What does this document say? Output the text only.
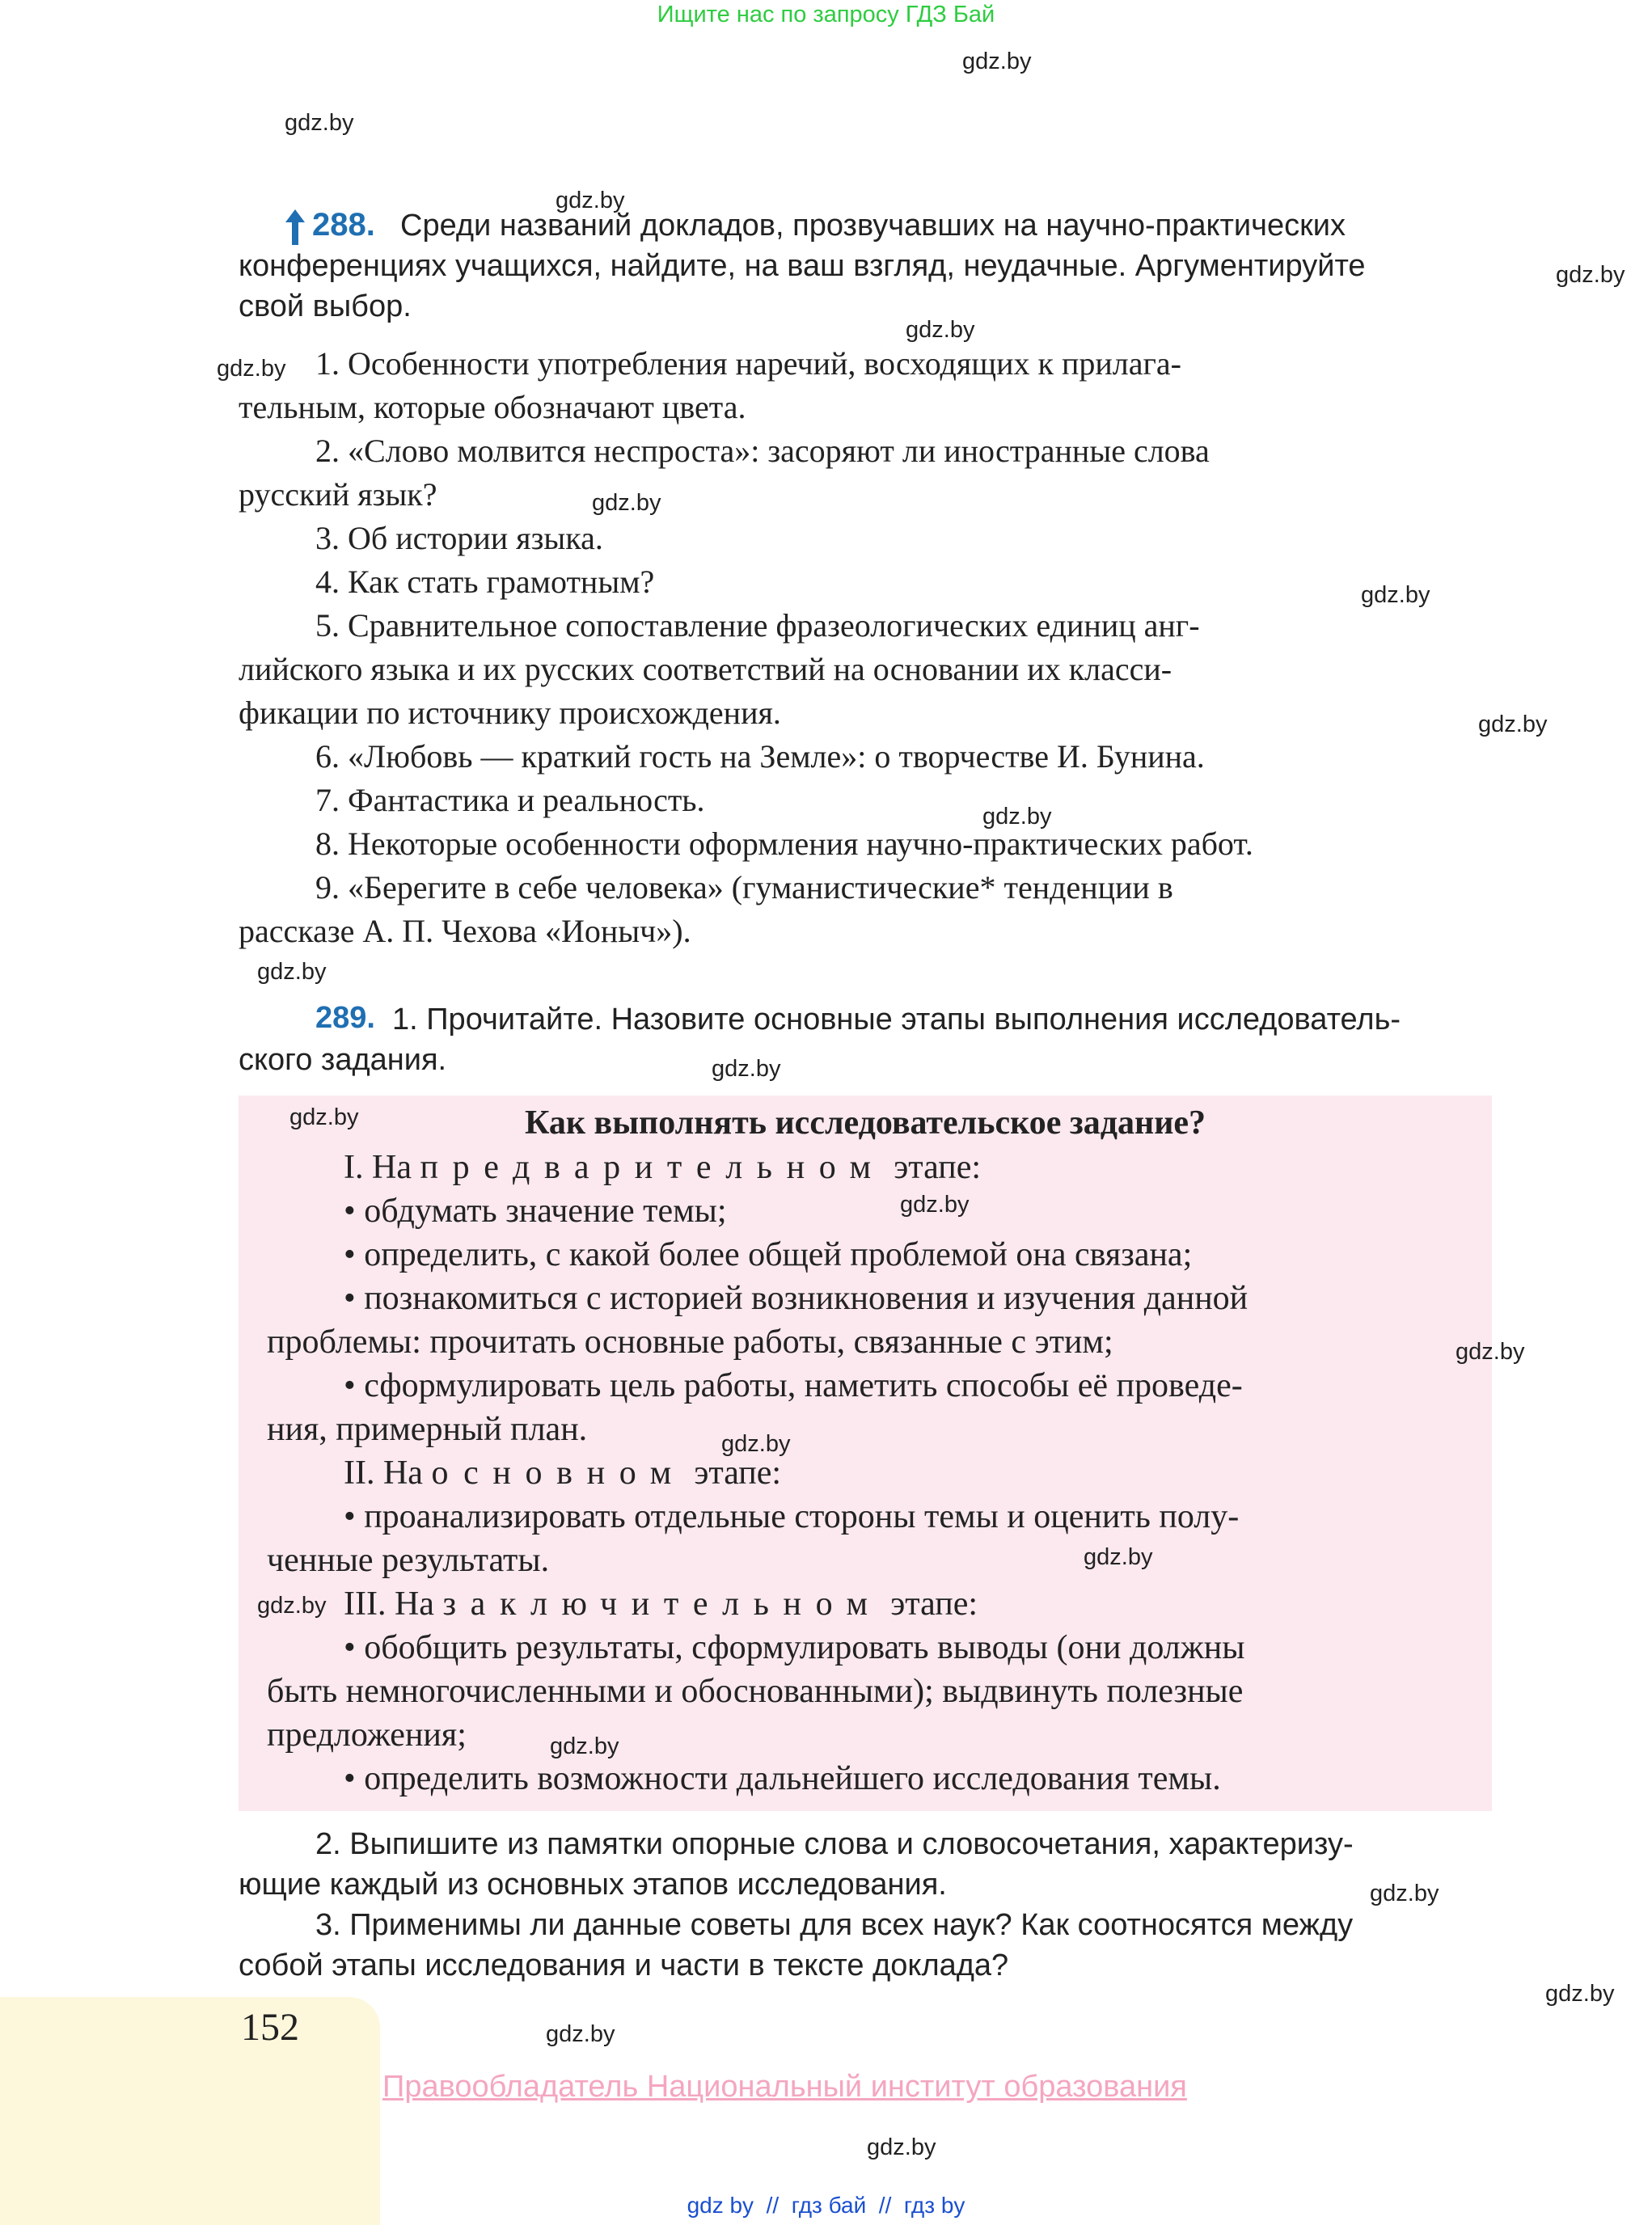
Ищите нас по запросу ГДЗ Бай
152
288. Среди названий докладов, прозвучавших на научно-практических
конференциях учащихся, найдите, на ваш взгляд, неудачные. Аргументируйте
свой выбор.
1. Особенности употребления наречий, восходящих к прилага-
тельным, которые обозначают цвета.
2. «Слово молвится неспроста»: засоряют ли иностранные слова
русский язык?
3. Об истории языка.
4. Как стать грамотным?
5. Сравнительное сопоставление фразеологических единиц анг-
лийского языка и их русских соответствий на основании их класси-
фикации по источнику происхождения.
6. «Любовь — краткий гость на Земле»: о творчестве И. Бунина.
7. Фантастика и реальность.
8. Некоторые особенности оформления научно-практических работ.
9. «Берегите в себе человека» (гуманистические* тенденции в
рассказе А. П. Чехова «Ионыч»).
289. 1. Прочитайте. Назовите основные этапы выполнения исследователь-
ского задания.
Как выполнять исследовательское задание?
I. На предварительном этапе:
• обдумать значение темы;
• определить, с какой более общей проблемой она связана;
• познакомиться с историей возникновения и изучения данной
проблемы: прочитать основные работы, связанные с этим;
• сформулировать цель работы, наметить способы её проведе-
ния, примерный план.
II. На основном этапе:
• проанализировать отдельные стороны темы и оценить полу-
ченные результаты.
III. На заключительном этапе:
• обобщить результаты, сформулировать выводы (они должны
быть немногочисленными и обоснованными); выдвинуть полезные
предложения;
• определить возможности дальнейшего исследования темы.
2. Выпишите из памятки опорные слова и словосочетания, характеризу-
ющие каждый из основных этапов исследования.
3. Применимы ли данные советы для всех наук? Как соотносятся между
собой этапы исследования и части в тексте доклада?
Правообладатель Национальный институт образования
gdz by  //  гдз бай  //  гдз by
gdz.by
gdz.by
gdz.by
gdz.by
gdz.by
gdz.by
gdz.by
gdz.by
gdz.by
gdz.by
gdz.by
gdz.by
gdz.by
gdz.by
gdz.by
gdz.by
gdz.by
gdz.by
gdz.by
gdz.by
gdz.by
gdz.by
gdz.by
